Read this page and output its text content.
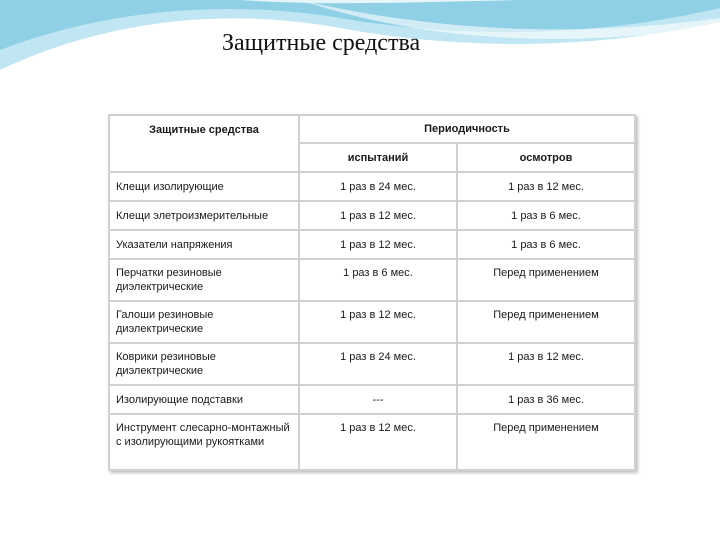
Защитные средства
Защитные средства	Периодичность	
	испытаний	осмотров
Клещи изолирующие	1 раз в 24 мес.	1 раз в 12 мес.
Клещи элетроизмерительные	1 раз в 12 мес.	1 раз в 6 мес.
Указатели напряжения	1 раз в 12 мес.	1 раз в 6 мес.
Перчатки резиновые диэлектрические	1 раз в 6 мес.	Перед применением
Галоши резиновые диэлектрические	1 раз в 12 мес.	Перед применением
Коврики резиновые диэлектрические	1 раз в 24 мес.	1 раз в 12 мес.
Изолирующие подставки	---	1 раз в 36 мес.
Инструмент слесарно-монтажный с изолирующими рукоятками	1 раз в 12 мес.	Перед применением
